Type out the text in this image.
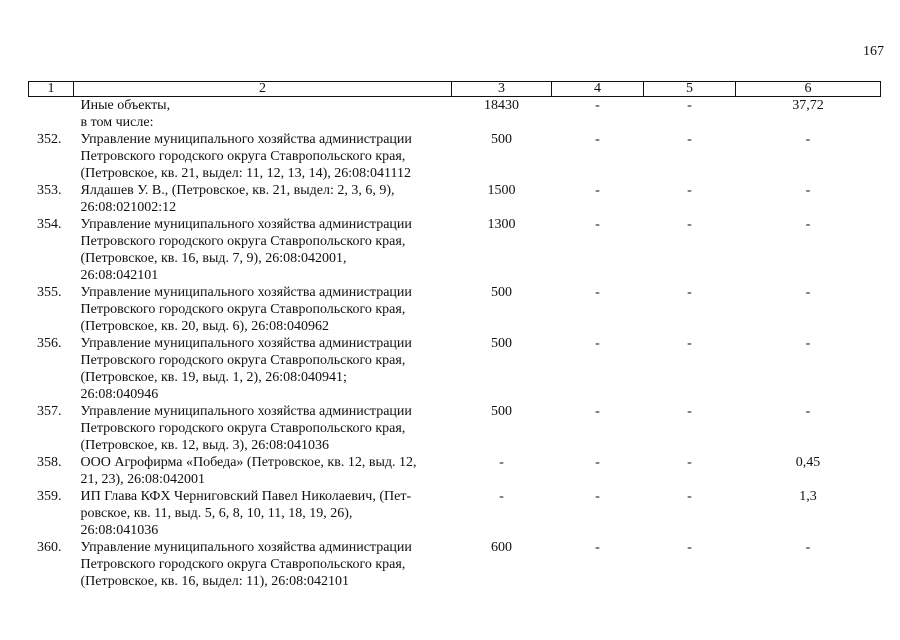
167
1	2	3	4	5	6
	Иные объекты,
в том числе:	18430	-	-	37,72
352.	Управление муниципального хозяйства администрации
Петровского городского округа Ставропольского края,
(Петровское, кв. 21, выдел: 11, 12, 13, 14), 26:08:041112	500	-	-	-
353.	Ялдашев У. В., (Петровское, кв. 21, выдел: 2, 3, 6, 9),
26:08:021002:12	1500	-	-	-
354.	Управление муниципального хозяйства администрации
Петровского городского округа Ставропольского края,
(Петровское, кв. 16, выд. 7, 9), 26:08:042001,
26:08:042101	1300	-	-	-
355.	Управление муниципального хозяйства администрации
Петровского городского округа Ставропольского края,
(Петровское, кв. 20, выд. 6), 26:08:040962	500	-	-	-
356.	Управление муниципального хозяйства администрации
Петровского городского округа Ставропольского края,
(Петровское, кв. 19, выд. 1, 2), 26:08:040941;
26:08:040946	500	-	-	-
357.	Управление муниципального хозяйства администрации
Петровского городского округа Ставропольского края,
(Петровское, кв. 12, выд. 3), 26:08:041036	500	-	-	-
358.	ООО Агрофирма «Победа» (Петровское, кв. 12, выд. 12,
21, 23), 26:08:042001	-	-	-	0,45
359.	ИП Глава КФХ Черниговский Павел Николаевич, (Пет-
ровское, кв. 11, выд. 5, 6, 8, 10, 11, 18, 19, 26),
26:08:041036	-	-	-	1,3
360.	Управление муниципального хозяйства администрации
Петровского городского округа Ставропольского края,
(Петровское, кв. 16, выдел: 11), 26:08:042101	600	-	-	-
